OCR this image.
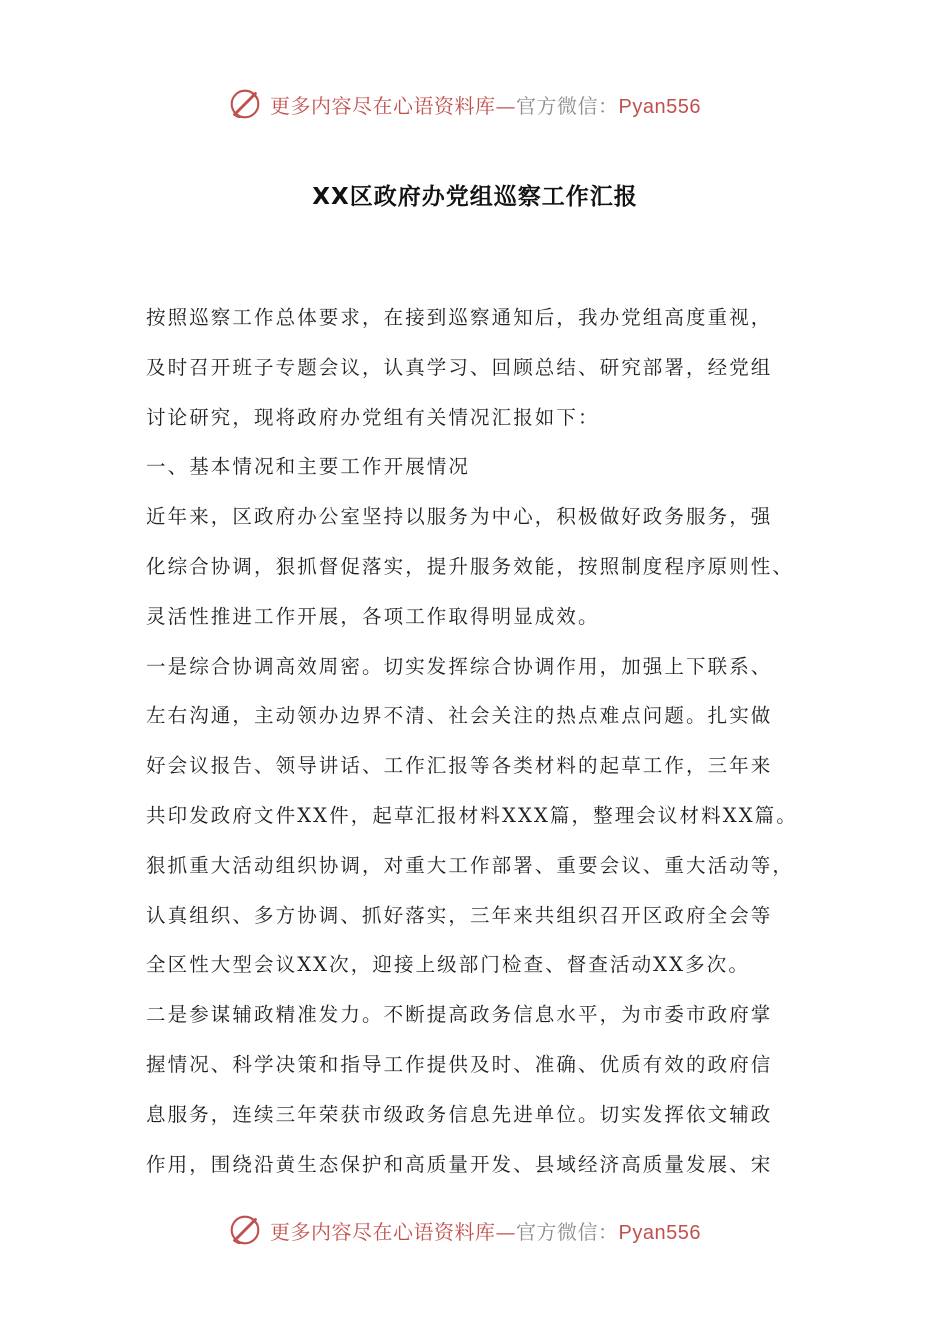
更多内容尽在心语资料库—官方微信：Pyan556
XX区政府办党组巡察工作汇报
按照巡察工作总体要求，在接到巡察通知后，我办党组高度重视，
及时召开班子专题会议，认真学习、回顾总结、研究部署，经党组
讨论研究，现将政府办党组有关情况汇报如下：
一、基本情况和主要工作开展情况
近年来，区政府办公室坚持以服务为中心，积极做好政务服务，强
化综合协调，狠抓督促落实，提升服务效能，按照制度程序原则性、
灵活性推进工作开展，各项工作取得明显成效。
一是综合协调高效周密。切实发挥综合协调作用，加强上下联系、
左右沟通，主动领办边界不清、社会关注的热点难点问题。扎实做
好会议报告、领导讲话、工作汇报等各类材料的起草工作，三年来
共印发政府文件XX件，起草汇报材料XXX篇，整理会议材料XX篇。
狠抓重大活动组织协调，对重大工作部署、重要会议、重大活动等，
认真组织、多方协调、抓好落实，三年来共组织召开区政府全会等
全区性大型会议XX次，迎接上级部门检查、督查活动XX多次。
二是参谋辅政精准发力。不断提高政务信息水平，为市委市政府掌
握情况、科学决策和指导工作提供及时、准确、优质有效的政府信
息服务，连续三年荣获市级政务信息先进单位。切实发挥依文辅政
作用，围绕沿黄生态保护和高质量开发、县域经济高质量发展、宋
更多内容尽在心语资料库—官方微信：Pyan556
